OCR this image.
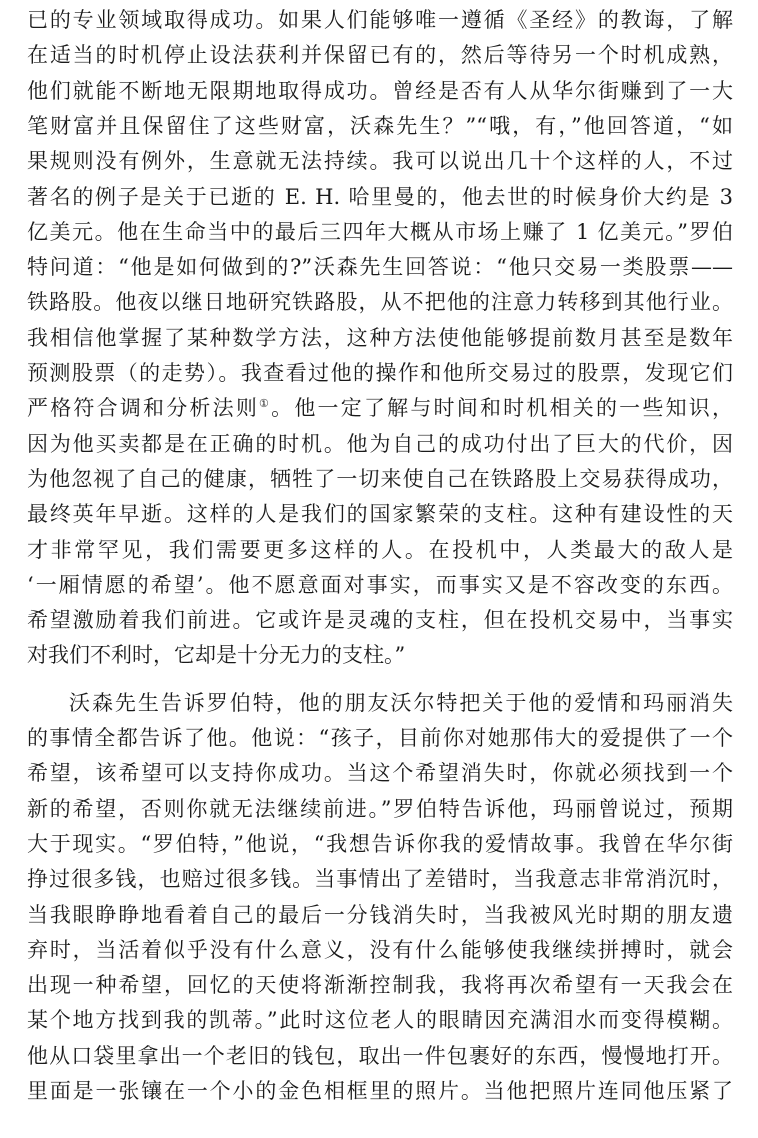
已的专业领域取得成功。如果人们能够唯一遵循《圣经》的教诲，了解
在适当的时机停止设法获利并保留已有的，然后等待另一个时机成熟，
他们就能不断地无限期地取得成功。曾经是否有人从华尔街赚到了一大
笔财富并且保留住了这些财富，沃森先生？”“哦，有，”他回答道，“如
果规则没有例外，生意就无法持续。我可以说出几十个这样的人，不过
著名的例子是关于已逝的 E. H. 哈里曼的，他去世的时候身价大约是 3
亿美元。他在生命当中的最后三四年大概从市场上赚了 1 亿美元。”罗伯
特问道：“他是如何做到的?”沃森先生回答说：“他只交易一类股票——
铁路股。他夜以继日地研究铁路股，从不把他的注意力转移到其他行业。
我相信他掌握了某种数学方法，这种方法使他能够提前数月甚至是数年
预测股票（的走势）。我查看过他的操作和他所交易过的股票，发现它们
严格符合调和分析法则①。他一定了解与时间和时机相关的一些知识，
因为他买卖都是在正确的时机。他为自己的成功付出了巨大的代价，因
为他忽视了自己的健康，牺牲了一切来使自己在铁路股上交易获得成功，
最终英年早逝。这样的人是我们的国家繁荣的支柱。这种有建设性的天
才非常罕见，我们需要更多这样的人。在投机中，人类最大的敌人是
‘一厢情愿的希望’。他不愿意面对事实，而事实又是不容改变的东西。
希望激励着我们前进。它或许是灵魂的支柱，但在投机交易中，当事实
对我们不利时，它却是十分无力的支柱。”
沃森先生告诉罗伯特，他的朋友沃尔特把关于他的爱情和玛丽消失
的事情全都告诉了他。他说：“孩子，目前你对她那伟大的爱提供了一个
希望，该希望可以支持你成功。当这个希望消失时，你就必须找到一个
新的希望，否则你就无法继续前进。”罗伯特告诉他，玛丽曾说过，预期
大于现实。“罗伯特，”他说，“我想告诉你我的爱情故事。我曾在华尔街
挣过很多钱，也赔过很多钱。当事情出了差错时，当我意志非常消沉时，
当我眼睁睁地看着自己的最后一分钱消失时，当我被风光时期的朋友遗
弃时，当活着似乎没有什么意义，没有什么能够使我继续拼搏时，就会
出现一种希望，回忆的天使将渐渐控制我，我将再次希望有一天我会在
某个地方找到我的凯蒂。”此时这位老人的眼睛因充满泪水而变得模糊。
他从口袋里拿出一个老旧的钱包，取出一件包裹好的东西，慢慢地打开。
里面是一张镶在一个小的金色相框里的照片。当他把照片连同他压紧了
